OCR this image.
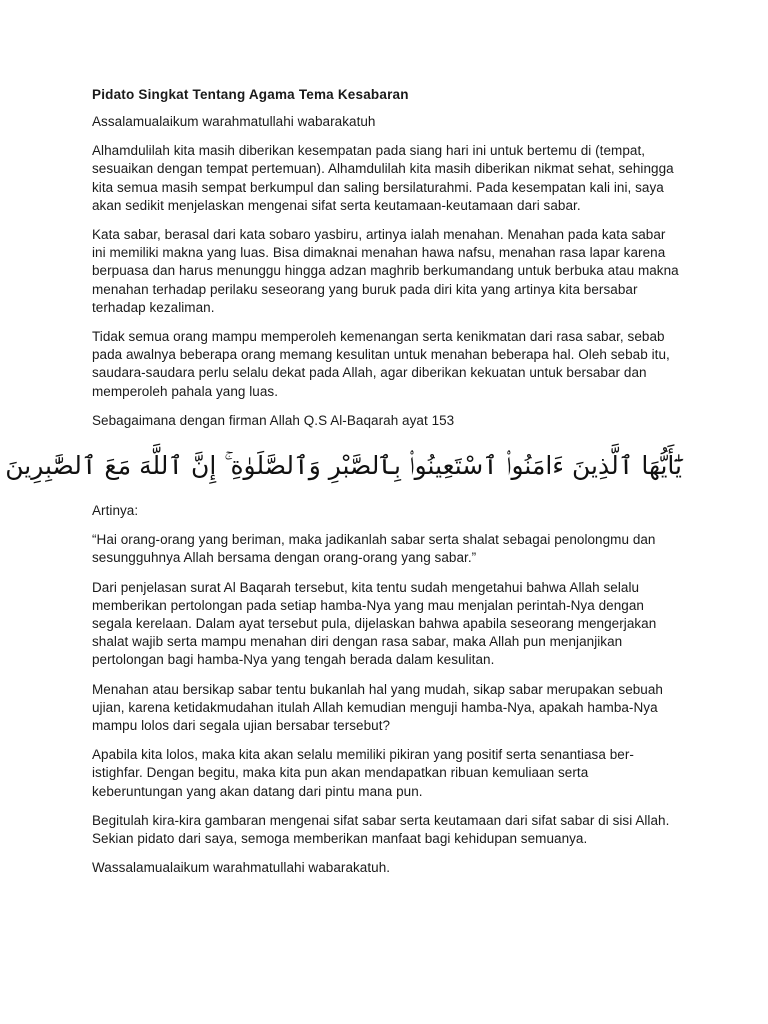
Pidato Singkat Tentang Agama Tema Kesabaran

Assalamualaikum warahmatullahi wabarakatuh

Alhamdulilah kita masih diberikan kesempatan pada siang hari ini untuk bertemu di (tempat, sesuaikan dengan tempat pertemuan). Alhamdulilah kita masih diberikan nikmat sehat, sehingga kita semua masih sempat berkumpul dan saling bersilaturahmi. Pada kesempatan kali ini, saya akan sedikit menjelaskan mengenai sifat serta keutamaan-keutamaan dari sabar.

Kata sabar, berasal dari kata sobaro yasbiru, artinya ialah menahan. Menahan pada kata sabar ini memiliki makna yang luas. Bisa dimaknai menahan hawa nafsu, menahan rasa lapar karena berpuasa dan harus menunggu hingga adzan maghrib berkumandang untuk berbuka atau makna menahan terhadap perilaku seseorang yang buruk pada diri kita yang artinya kita bersabar terhadap kezaliman.

Tidak semua orang mampu memperoleh kemenangan serta kenikmatan dari rasa sabar, sebab pada awalnya beberapa orang memang kesulitan untuk menahan beberapa hal. Oleh sebab itu, saudara-saudara perlu selalu dekat pada Allah, agar diberikan kekuatan untuk bersabar dan memperoleh pahala yang luas.

Sebagaimana dengan firman Allah Q.S Al-Baqarah ayat 153

يَٰٓأَيُّهَا ٱلَّذِينَ ءَامَنُوا۟ ٱسْتَعِينُوا۟ بِٱلصَّبْرِ وَٱلصَّلَوٰةِ ۚ إِنَّ ٱللَّهَ مَعَ ٱلصَّٰبِرِينَ

Artinya:

“Hai orang-orang yang beriman, maka jadikanlah sabar serta shalat sebagai penolongmu dan sesungguhnya Allah bersama dengan orang-orang yang sabar.”

Dari penjelasan surat Al Baqarah tersebut, kita tentu sudah mengetahui bahwa Allah selalu memberikan pertolongan pada setiap hamba-Nya yang mau menjalan perintah-Nya dengan segala kerelaan. Dalam ayat tersebut pula, dijelaskan bahwa apabila seseorang mengerjakan shalat wajib serta mampu menahan diri dengan rasa sabar, maka Allah pun menjanjikan pertolongan bagi hamba-Nya yang tengah berada dalam kesulitan.

Menahan atau bersikap sabar tentu bukanlah hal yang mudah, sikap sabar merupakan sebuah ujian, karena ketidakmudahan itulah Allah kemudian menguji hamba-Nya, apakah hamba-Nya mampu lolos dari segala ujian bersabar tersebut?

Apabila kita lolos, maka kita akan selalu memiliki pikiran yang positif serta senantiasa ber-istighfar. Dengan begitu, maka kita pun akan mendapatkan ribuan kemuliaan serta keberuntungan yang akan datang dari pintu mana pun.

Begitulah kira-kira gambaran mengenai sifat sabar serta keutamaan dari sifat sabar di sisi Allah. Sekian pidato dari saya, semoga memberikan manfaat bagi kehidupan semuanya.

Wassalamualaikum warahmatullahi wabarakatuh.
